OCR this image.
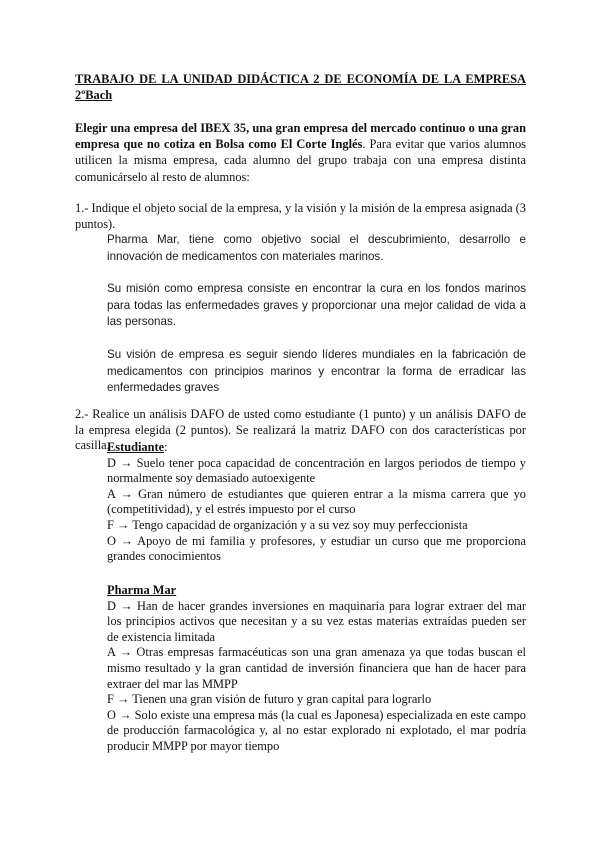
TRABAJO DE LA UNIDAD DIDÁCTICA 2 DE ECONOMÍA DE LA EMPRESA

2ºBach

Elegir una empresa del IBEX 35, una gran empresa del mercado continuo o una gran empresa que no cotiza en Bolsa como El Corte Inglés. Para evitar que varios alumnos utilicen la misma empresa, cada alumno del grupo trabaja con una empresa distinta comunicárselo al resto de alumnos:

1.- Indique el objeto social de la empresa, y la visión y la misión de la empresa asignada (3 puntos).

Pharma Mar, tiene como objetivo social el descubrimiento, desarrollo e innovación de medicamentos con materiales marinos.

Su misión como empresa consiste en encontrar la cura en los fondos marinos para todas las enfermedades graves y proporcionar una mejor calidad de vida a las personas.

Su visión de empresa es seguir siendo líderes mundiales en la fabricación de medicamentos con principios marinos y encontrar la forma de erradicar las enfermedades graves

2.- Realice un análisis DAFO de usted como estudiante (1 punto) y un análisis DAFO de la empresa elegida (2 puntos). Se realizará la matriz DAFO con dos características por casilla.

Estudiante:

D → Suelo tener poca capacidad de concentración en largos periodos de tiempo y normalmente soy demasiado autoexigente

A → Gran número de estudiantes que quieren entrar a la misma carrera que yo (competitividad), y el estrés impuesto por el curso

F → Tengo capacidad de organización y a su vez soy muy perfeccionista

O → Apoyo de mi familia y profesores, y estudiar un curso que me proporciona grandes conocimientos

Pharma Mar

D → Han de hacer grandes inversiones en maquinaria para lograr extraer del mar los principios activos que necesitan y a su vez estas materias extraídas pueden ser de existencia limitada

A → Otras empresas farmacéuticas son una gran amenaza ya que todas buscan el mismo resultado y la gran cantidad de inversión financiera que han de hacer para extraer del mar las MMPP

F → Tienen una gran visión de futuro y gran capital para lograrlo

O → Solo existe una empresa más (la cual es Japonesa) especializada en este campo de producción farmacológica y, al no estar explorado ni explotado, el mar podría producir MMPP por mayor tiempo
